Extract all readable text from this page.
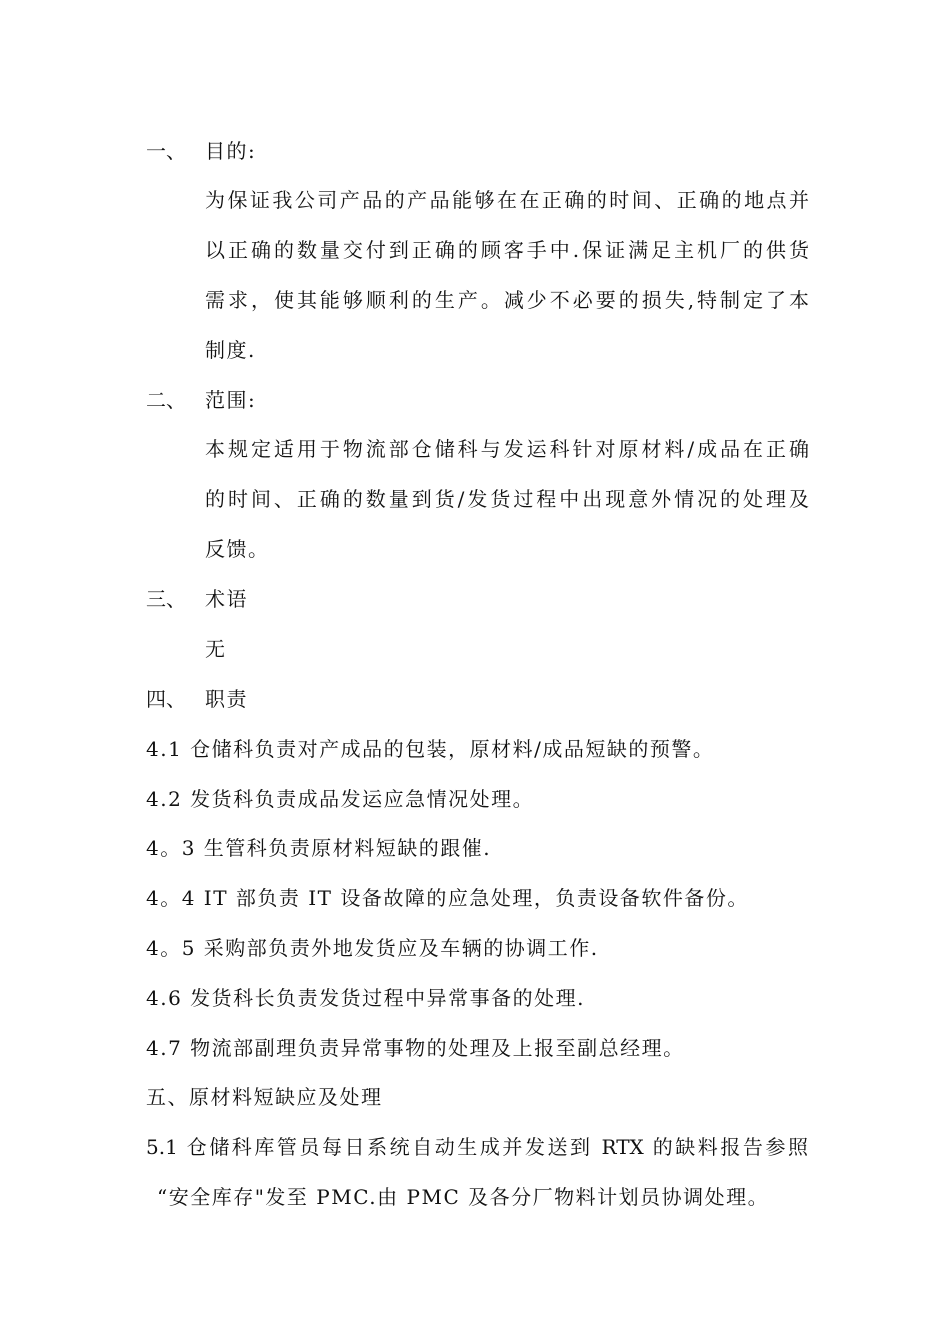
一、 目的:
为保证我公司产品的产品能够在在正确的时间、正确的地点并
以正确的数量交付到正确的顾客手中.保证满足主机厂的供货
需求，使其能够顺利的生产。减少不必要的损失,特制定了本
制度.
二、 范围:
本规定适用于物流部仓储科与发运科针对原材料/成品在正确
的时间、正确的数量到货/发货过程中出现意外情况的处理及
反馈。
三、 术语
无
四、 职责
4.1 仓储科负责对产成品的包装，原材料/成品短缺的预警。
4.2 发货科负责成品发运应急情况处理。
4。3 生管科负责原材料短缺的跟催.
4。4 IT 部负责 IT 设备故障的应急处理，负责设备软件备份。
4。5 采购部负责外地发货应及车辆的协调工作.
4.6 发货科长负责发货过程中异常事备的处理.
4.7 物流部副理负责异常事物的处理及上报至副总经理。
五、原材料短缺应及处理
5.1 仓储科库管员每日系统自动生成并发送到 RTX 的缺料报告参照
“安全库存"发至 PMC.由 PMC 及各分厂物料计划员协调处理。
